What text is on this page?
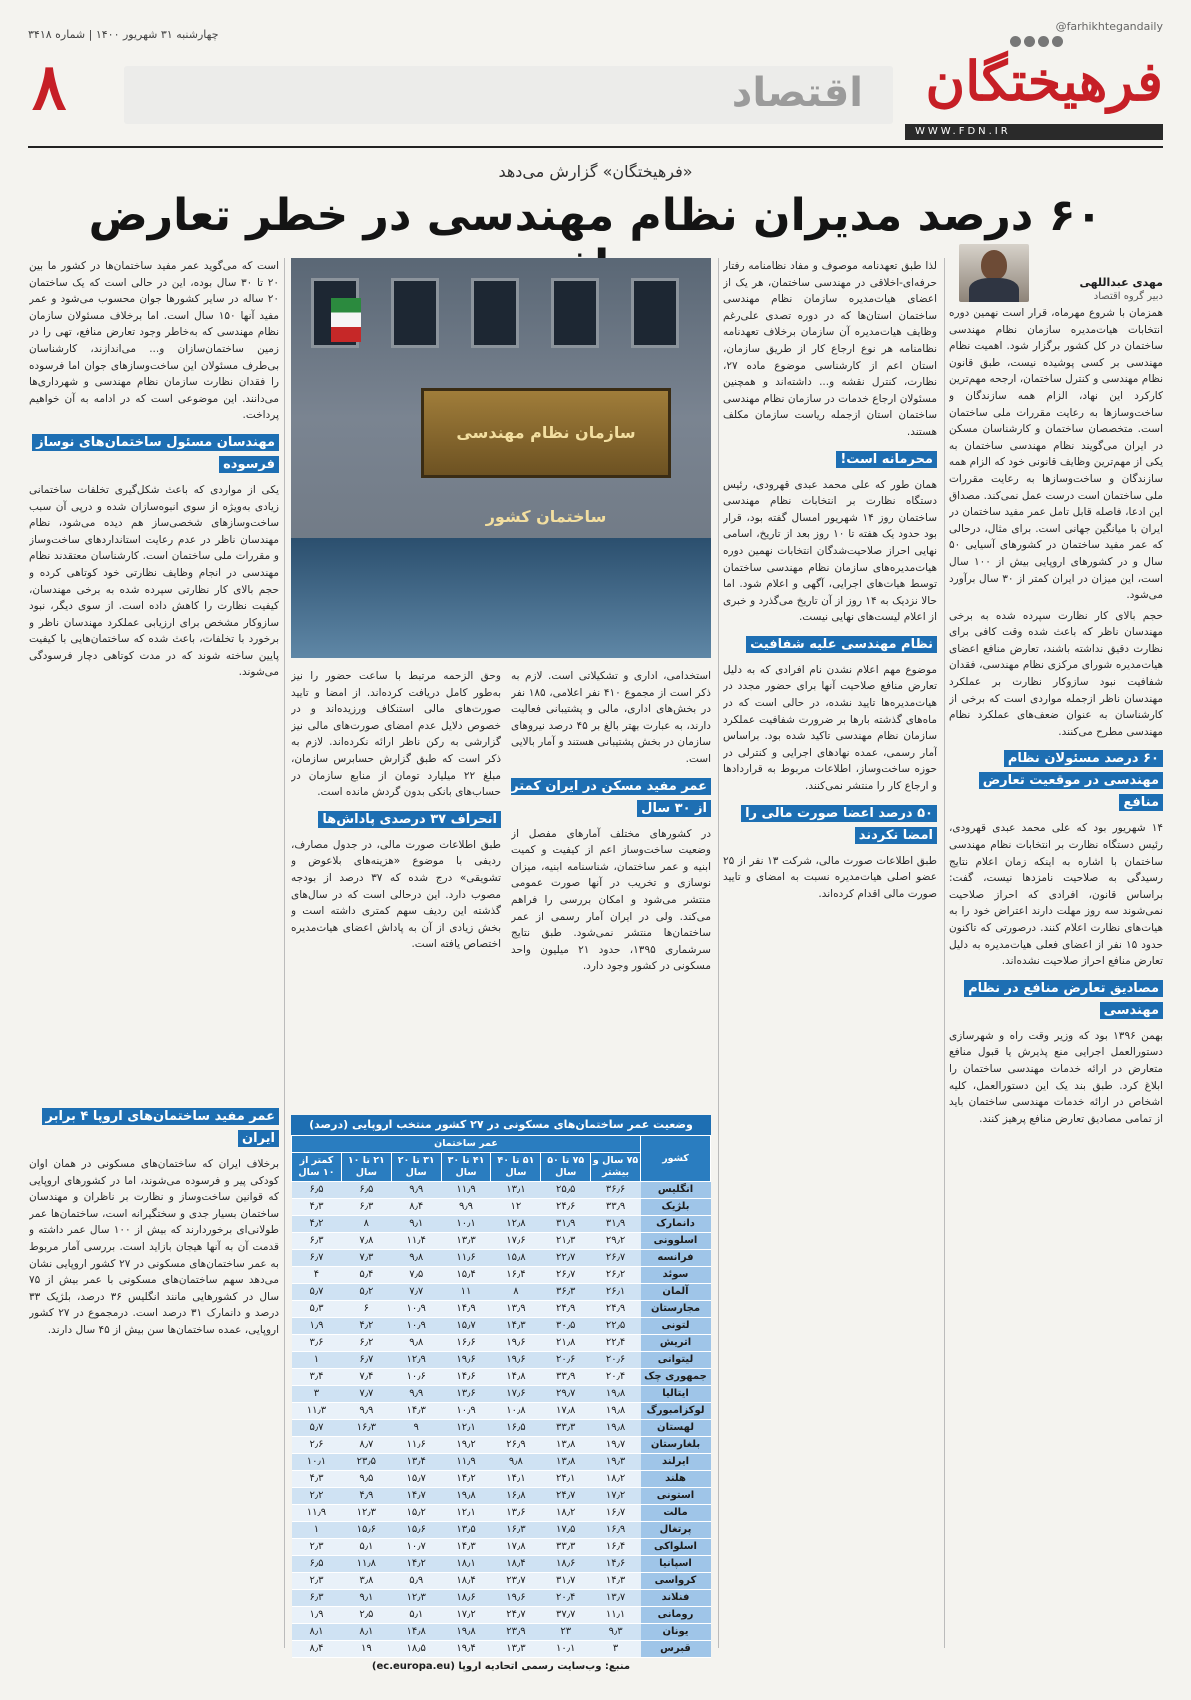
چهارشنبه ۳۱ شهریور ۱۴۰۰ | شماره ۳۴۱۸
۸	اقتصاد
@farhikhtegandaily
فرهیختگان
WWW.FDN.IR
«فرهیختگان» گزارش می‌دهد
۶۰ درصد مدیران نظام مهندسی در خطر تعارض
مهدی عبداللهی
دبیر گروه اقتصاد

همزمان با شروع مهرماه، قرار است نهمین دوره انتخابات هیات‌مدیره سازمان نظام مهندسی ساختمان در کل کشور برگزار شود. اهمیت نظام مهندسی بر کسی پوشیده نیست، طبق قانون نظام مهندسی و کنترل ساختمان، ارجحه مهم‌ترین کارکرد این نهاد، الزام همه سازندگان و ساخت‌وسازها به رعایت مقررات ملی ساختمان است. متخصصان ساختمان و کارشناسان مسکن در ایران می‌گویند نظام مهندسی ساختمان به یکی از مهم‌ترین وظایف قانونی خود که الزام همه سازندگان و ساخت‌وسازها به رعایت مقررات ملی ساختمان است درست عمل نمی‌کند. مصداق این ادعا، فاصله قابل تامل عمر مفید ساختمان در ایران با میانگین جهانی است. برای مثال، درحالی که عمر مفید ساختمان در کشورهای آسیایی ۵۰ سال و در کشورهای اروپایی بیش از ۱۰۰ سال است، این میزان در ایران کمتر از ۳۰ سال برآورد می‌شود.

حجم بالای کار نظارت سپرده شده به برخی مهندسان ناظر که باعث شده وقت کافی برای نظارت دقیق نداشته باشند، تعارض منافع اعضای هیات‌مدیره شورای مرکزی نظام مهندسی، فقدان شفافیت نبود سازوکار نظارت بر عملکرد مهندسان ناظر ازجمله مواردی است که برخی از کارشناسان به عنوان ضعف‌های عملکرد نظام مهندسی مطرح می‌کنند.

۶۰ درصد مسئولان نظام مهندسی در موقعیت تعارض منافع

۱۴ شهریور بود که علی محمد عبدی قهرودی، رئیس دستگاه نظارت بر انتخابات نظام مهندسی ساختمان با اشاره به اینکه زمان اعلام نتایج رسیدگی به صلاحیت نامزدها نیست، گفت: براساس قانون، افرادی که احراز صلاحیت نمی‌شوند سه روز مهلت دارند اعتراض خود را به هیات‌های نظارت اعلام کنند. درصورتی که تاکنون حدود ۱۵ نفر از اعضای فعلی هیات‌مدیره به دلیل تعارض منافع احراز صلاحیت نشده‌اند.

مصادیق تعارض منافع در نظام مهندسی

بهمن ۱۳۹۶ بود که وزیر وقت راه و شهرسازی دستورالعمل اجرایی منع پذیرش یا قبول منافع متعارض در ارائه خدمات مهندسی ساختمان را ابلاغ کرد. طبق بند یک این دستورالعمل، کلیه اشخاص در ارائه خدمات مهندسی ساختمان باید از تمامی مصادیق تعارض منافع پرهیز کنند.

لذا طبق تعهدنامه موصوف و مفاد نظامنامه رفتار حرفه‌ای-اخلاقی در مهندسی ساختمان، هر یک از اعضای هیات‌مدیره سازمان نظام مهندسی ساختمان استان‌ها که در دوره تصدی علی‌رغم وظایف هیات‌مدیره آن سازمان برخلاف تعهدنامه نظامنامه هر نوع ارجاع کار از طریق سازمان، استان اعم از کارشناسی موضوع ماده ۲۷، نظارت، کنترل نقشه و... داشته‌اند و همچنین مسئولان ارجاع خدمات در سازمان نظام مهندسی ساختمان استان ازجمله ریاست سازمان مکلف هستند.

محرمانه است!

همان طور که علی محمد عبدی قهرودی، رئیس دستگاه نظارت بر انتخابات نظام مهندسی ساختمان روز ۱۴ شهریور امسال گفته بود، قرار بود حدود یک هفته تا ۱۰ روز بعد از تاریخ، اسامی نهایی احراز صلاحیت‌شدگان انتخابات نهمین دوره هیات‌مدیره‌های سازمان نظام مهندسی ساختمان توسط هیات‌های اجرایی، آگهی و اعلام شود. اما حالا نزدیک به ۱۴ روز از آن تاریخ می‌گذرد و خبری از اعلام لیست‌های نهایی نیست.

نظام مهندسی علیه شفافیت

موضوع مهم اعلام نشدن نام افرادی که به دلیل تعارض منافع صلاحیت آنها برای حضور مجدد در هیات‌مدیره‌ها تایید نشده، در حالی است که در ماه‌های گذشته بارها بر ضرورت شفافیت عملکرد سازمان نظام مهندسی تاکید شده بود. براساس آمار رسمی، عمده نهادهای اجرایی و کنترلی در حوزه ساخت‌وساز، اطلاعات مربوط به قراردادها و ارجاع کار را منتشر نمی‌کنند.

۵۰ درصد اعضا صورت مالی را امضا نکردند

طبق اطلاعات صورت مالی، شرکت ۱۳ نفر از ۲۵ عضو اصلی هیات‌مدیره نسبت به امضای و تایید صورت مالی اقدام کرده‌اند.

سازمان نظام مهندسی ساختمان کشور

استخدامی، اداری و تشکیلاتی است. لازم به ذکر است از مجموع ۴۱۰ نفر اعلامی، ۱۸۵ نفر در بخش‌های اداری، مالی و پشتیبانی فعالیت دارند، به عبارت بهتر بالغ بر ۴۵ درصد نیروهای سازمان در بخش پشتیبانی هستند و آمار بالایی است.

عمر مفید مسکن در ایران کمتر از ۳۰ سال

در کشورهای مختلف آمارهای مفصل از وضعیت ساخت‌وساز اعم از کیفیت و کمیت ابنیه و عمر ساختمان، شناسنامه ابنیه، میزان نوسازی و تخریب در آنها صورت عمومی منتشر می‌شود و امکان بررسی را فراهم می‌کند. ولی در ایران آمار رسمی از عمر ساختمان‌ها منتشر نمی‌شود. طبق نتایج سرشماری ۱۳۹۵، حدود ۲۱ میلیون واحد مسکونی در کشور وجود دارد.

وحق الزحمه مرتبط با ساعت حضور را نیز به‌طور کامل دریافت کرده‌اند. از امضا و تایید صورت‌های مالی استنکاف ورزیده‌اند و در خصوص دلایل عدم امضای صورت‌های مالی نیز گزارشی به رکن ناظر ارائه نکرده‌اند. لازم به ذکر است که طبق گزارش حسابرس سازمان، مبلغ ۲۲ میلیارد تومان از منابع سازمان در حساب‌های بانکی بدون گردش مانده است.

انحراف ۳۷ درصدی پاداش‌ها

طبق اطلاعات صورت مالی، در جدول مصارف، ردیفی با موضوع «هزینه‌های بلاعوض و تشویقی» درج شده که ۳۷ درصد از بودجه مصوب دارد. این درحالی است که در سال‌های گذشته این ردیف سهم کمتری داشته است و بخش زیادی از آن به پاداش اعضای هیات‌مدیره اختصاص یافته است.

است که می‌گوید عمر مفید ساختمان‌ها در کشور ما بین ۲۰ تا ۳۰ سال بوده، این در حالی است که یک ساختمان ۲۰ ساله در سایر کشورها جوان محسوب می‌شود و عمر مفید آنها ۱۵۰ سال است. اما برخلاف مسئولان سازمان نظام مهندسی که به‌خاطر وجود تعارض منافع، تهی را در زمین ساختمان‌سازان و... می‌اندازند، کارشناسان بی‌طرف مسئولان این ساخت‌وسازهای جوان اما فرسوده را فقدان نظارت سازمان نظام مهندسی و شهرداری‌ها می‌دانند. این موضوعی است که در ادامه به آن خواهیم پرداخت.

مهندسان مسئول ساختمان‌های نوساز فرسوده

یکی از مواردی که باعث شکل‌گیری تخلفات ساختمانی زیادی به‌ویژه از سوی انبوه‌سازان شده و درپی آن سبب ساخت‌وسازهای شخصی‌ساز هم دیده می‌شود، نظام مهندسان ناظر در عدم رعایت استانداردهای ساخت‌وساز و مقررات ملی ساختمان است. کارشناسان معتقدند نظام مهندسی در انجام وظایف نظارتی خود کوتاهی کرده و حجم بالای کار نظارتی سپرده شده به برخی مهندسان، کیفیت نظارت را کاهش داده است. از سوی دیگر، نبود سازوکار مشخص برای ارزیابی عملکرد مهندسان ناظر و برخورد با تخلفات، باعث شده که ساختمان‌هایی با کیفیت پایین ساخته شوند که در مدت کوتاهی دچار فرسودگی می‌شوند.

عمر مفید ساختمان‌های اروپا ۴ برابر ایران

برخلاف ایران که ساختمان‌های مسکونی در همان اوان کودکی پیر و فرسوده می‌شوند، اما در کشورهای اروپایی که قوانین ساخت‌وساز و نظارت بر ناظران و مهندسان ساختمان بسیار جدی و سختگیرانه است، ساختمان‌ها عمر طولانی‌ای برخوردارند که بیش از ۱۰۰ سال عمر داشته و قدمت آن به آنها هیجان بازاید است. بررسی آمار مربوط به عمر ساختمان‌های مسکونی در ۲۷ کشور اروپایی نشان می‌دهد سهم ساختمان‌های مسکونی با عمر بیش از ۷۵ سال در کشورهایی مانند انگلیس ۳۶ درصد، بلژیک ۳۳ درصد و دانمارک ۳۱ درصد است. درمجموع در ۲۷ کشور اروپایی، عمده ساختمان‌ها سن بیش از ۴۵ سال دارند.

وضعیت عمر ساختمان‌های مسکونی در ۲۷ کشور منتخب اروپایی (درصد)
کشور	عمر ساختمان						
	۷۵ سال و بیشتر	۷۵ تا ۵۰ سال	۵۱ تا ۴۰ سال	۴۱ تا ۳۰ سال	۳۱ تا ۲۰ سال	۲۱ تا ۱۰ سال	کمتر از ۱۰ سال
انگلیس	۳۶٫۶	۲۵٫۵	۱۳٫۱	۱۱٫۹	۹٫۹	۶٫۵	۶٫۵
بلژیک	۳۳٫۹	۲۴٫۶	۱۲	۹٫۹	۸٫۴	۶٫۳	۴٫۳
دانمارک	۳۱٫۹	۳۱٫۹	۱۲٫۸	۱۰٫۱	۹٫۱	۸	۴٫۲
اسلوونی	۲۹٫۲	۲۱٫۳	۱۷٫۶	۱۳٫۳	۱۱٫۴	۷٫۸	۶٫۳
فرانسه	۲۶٫۷	۲۲٫۷	۱۵٫۸	۱۱٫۶	۹٫۸	۷٫۳	۶٫۷
سوئد	۲۶٫۲	۲۶٫۷	۱۶٫۴	۱۵٫۴	۷٫۵	۵٫۴	۴
آلمان	۲۶٫۱	۳۶٫۳	۸	۱۱	۷٫۷	۵٫۲	۵٫۷
مجارستان	۲۴٫۹	۲۴٫۹	۱۳٫۹	۱۴٫۹	۱۰٫۹	۶	۵٫۳
لتونی	۲۲٫۵	۳۰٫۵	۱۴٫۳	۱۵٫۷	۱۰٫۹	۴٫۲	۱٫۹
اتریش	۲۲٫۴	۲۱٫۸	۱۹٫۶	۱۶٫۶	۹٫۸	۶٫۲	۳٫۶
لیتوانی	۲۰٫۶	۲۰٫۶	۱۹٫۶	۱۹٫۶	۱۲٫۹	۶٫۷	۱
جمهوری چک	۲۰٫۴	۳۳٫۹	۱۴٫۸	۱۴٫۶	۱۰٫۶	۷٫۴	۳٫۴
ایتالیا	۱۹٫۸	۲۹٫۷	۱۷٫۶	۱۳٫۶	۹٫۹	۷٫۷	۳
لوکزامبورگ	۱۹٫۸	۱۷٫۸	۱۰٫۸	۱۰٫۹	۱۴٫۳	۹٫۹	۱۱٫۳
لهستان	۱۹٫۸	۳۳٫۳	۱۶٫۵	۱۲٫۱	۹	۱۶٫۳	۵٫۷
بلغارستان	۱۹٫۷	۱۳٫۸	۲۶٫۹	۱۹٫۲	۱۱٫۶	۸٫۷	۲٫۶
ایرلند	۱۹٫۳	۱۳٫۸	۹٫۸	۱۱٫۹	۱۳٫۴	۲۳٫۵	۱۰٫۱
هلند	۱۸٫۲	۲۴٫۱	۱۴٫۱	۱۴٫۲	۱۵٫۷	۹٫۵	۴٫۳
استونی	۱۷٫۲	۲۴٫۷	۱۶٫۸	۱۹٫۸	۱۴٫۷	۴٫۹	۲٫۲
مالت	۱۶٫۷	۱۸٫۲	۱۳٫۶	۱۲٫۱	۱۵٫۲	۱۲٫۳	۱۱٫۹
پرتغال	۱۶٫۹	۱۷٫۵	۱۶٫۳	۱۳٫۵	۱۵٫۶	۱۵٫۶	۱
اسلواکی	۱۶٫۴	۳۳٫۳	۱۷٫۸	۱۴٫۳	۱۰٫۷	۵٫۱	۲٫۳
اسپانیا	۱۴٫۶	۱۸٫۶	۱۸٫۴	۱۸٫۱	۱۴٫۲	۱۱٫۸	۶٫۵
کرواسی	۱۴٫۳	۳۱٫۷	۲۳٫۷	۱۸٫۴	۵٫۹	۳٫۸	۲٫۳
فنلاند	۱۳٫۷	۲۰٫۴	۱۹٫۶	۱۸٫۶	۱۲٫۳	۹٫۱	۶٫۳
رومانی	۱۱٫۱	۳۷٫۷	۲۴٫۷	۱۷٫۲	۵٫۱	۲٫۵	۱٫۹
یونان	۹٫۳	۲۳	۲۳٫۹	۱۹٫۸	۱۴٫۸	۸٫۱	۸٫۱
قبرس	۳	۱۰٫۱	۱۳٫۳	۱۹٫۴	۱۸٫۵	۱۹	۸٫۴
منبع: وب‌سایت رسمی اتحادیه اروپا (ec.europa.eu)
